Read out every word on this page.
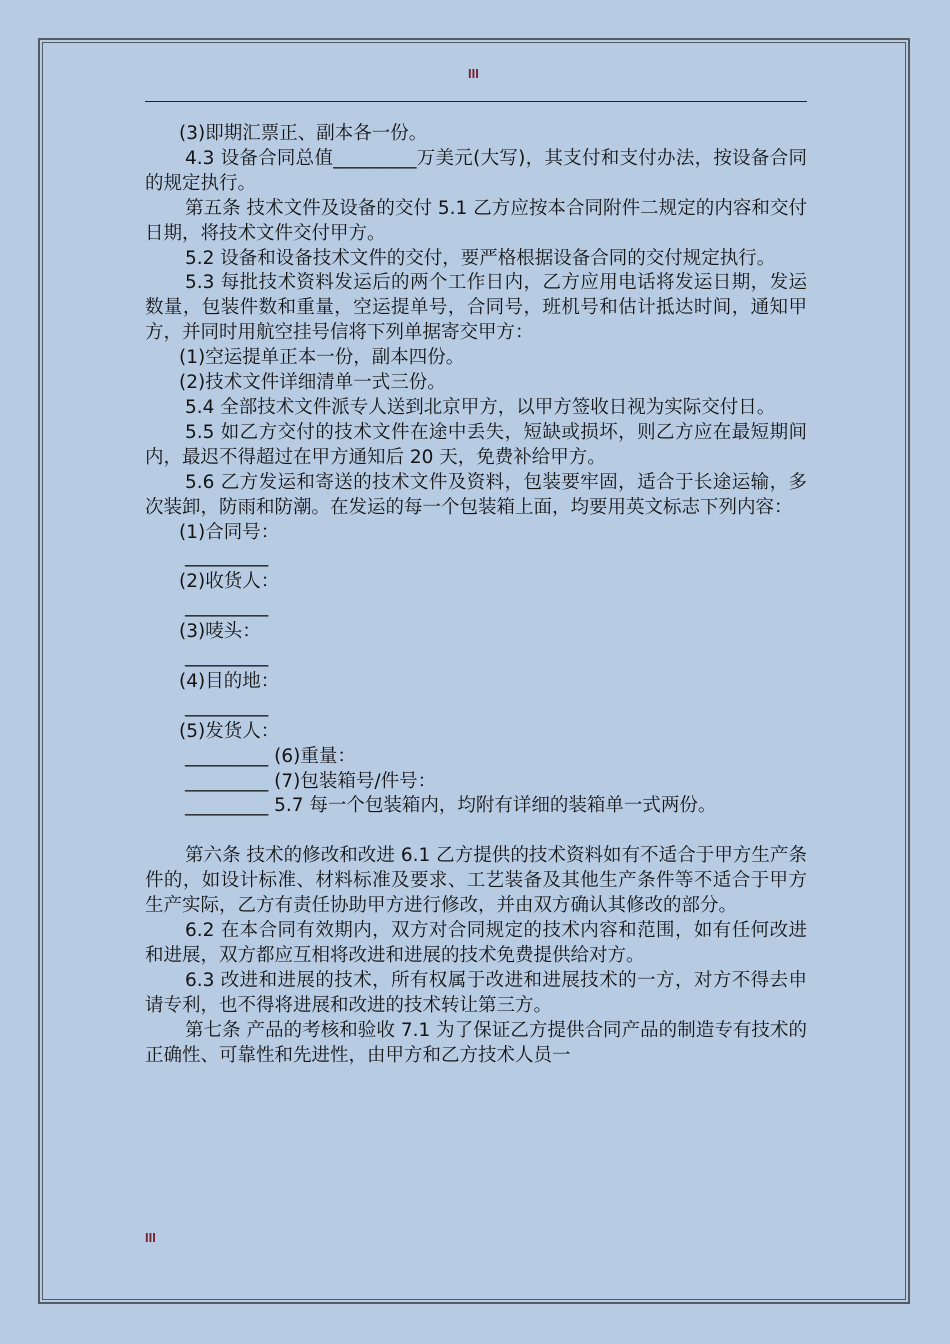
III

(3)即期汇票正、副本各一份。

4.3 设备合同总值_________万美元(大写)，其支付和支付办法，按设备合同的规定执行。

第五条 技术文件及设备的交付 5.1 乙方应按本合同附件二规定的内容和交付日期，将技术文件交付甲方。

5.2 设备和设备技术文件的交付，要严格根据设备合同的交付规定执行。

5.3 每批技术资料发运后的两个工作日内，乙方应用电话将发运日期，发运数量，包装件数和重量，空运提单号，合同号，班机号和估计抵达时间，通知甲方，并同时用航空挂号信将下列单据寄交甲方：

(1)空运提单正本一份，副本四份。

(2)技术文件详细清单一式三份。

5.4 全部技术文件派专人送到北京甲方，以甲方签收日视为实际交付日。

5.5 如乙方交付的技术文件在途中丢失，短缺或损坏，则乙方应在最短期间内，最迟不得超过在甲方通知后 20 天，免费补给甲方。

5.6 乙方发运和寄送的技术文件及资料，包装要牢固，适合于长途运输，多次装卸，防雨和防潮。在发运的每一个包装箱上面，均要用英文标志下列内容：

(1)合同号：

_________

(2)收货人：

_________

(3)唛头：

_________

(4)目的地：

_________

(5)发货人：

_________ (6)重量：

_________ (7)包装箱号/件号：

_________ 5.7 每一个包装箱内，均附有详细的装箱单一式两份。

第六条 技术的修改和改进 6.1 乙方提供的技术资料如有不适合于甲方生产条件的，如设计标准、材料标准及要求、工艺装备及其他生产条件等不适合于甲方生产实际，乙方有责任协助甲方进行修改，并由双方确认其修改的部分。

6.2 在本合同有效期内，双方对合同规定的技术内容和范围，如有任何改进和进展，双方都应互相将改进和进展的技术免费提供给对方。

6.3 改进和进展的技术，所有权属于改进和进展技术的一方，对方不得去申请专利，也不得将进展和改进的技术转让第三方。

第七条 产品的考核和验收 7.1 为了保证乙方提供合同产品的制造专有技术的正确性、可靠性和先进性，由甲方和乙方技术人员一

III
